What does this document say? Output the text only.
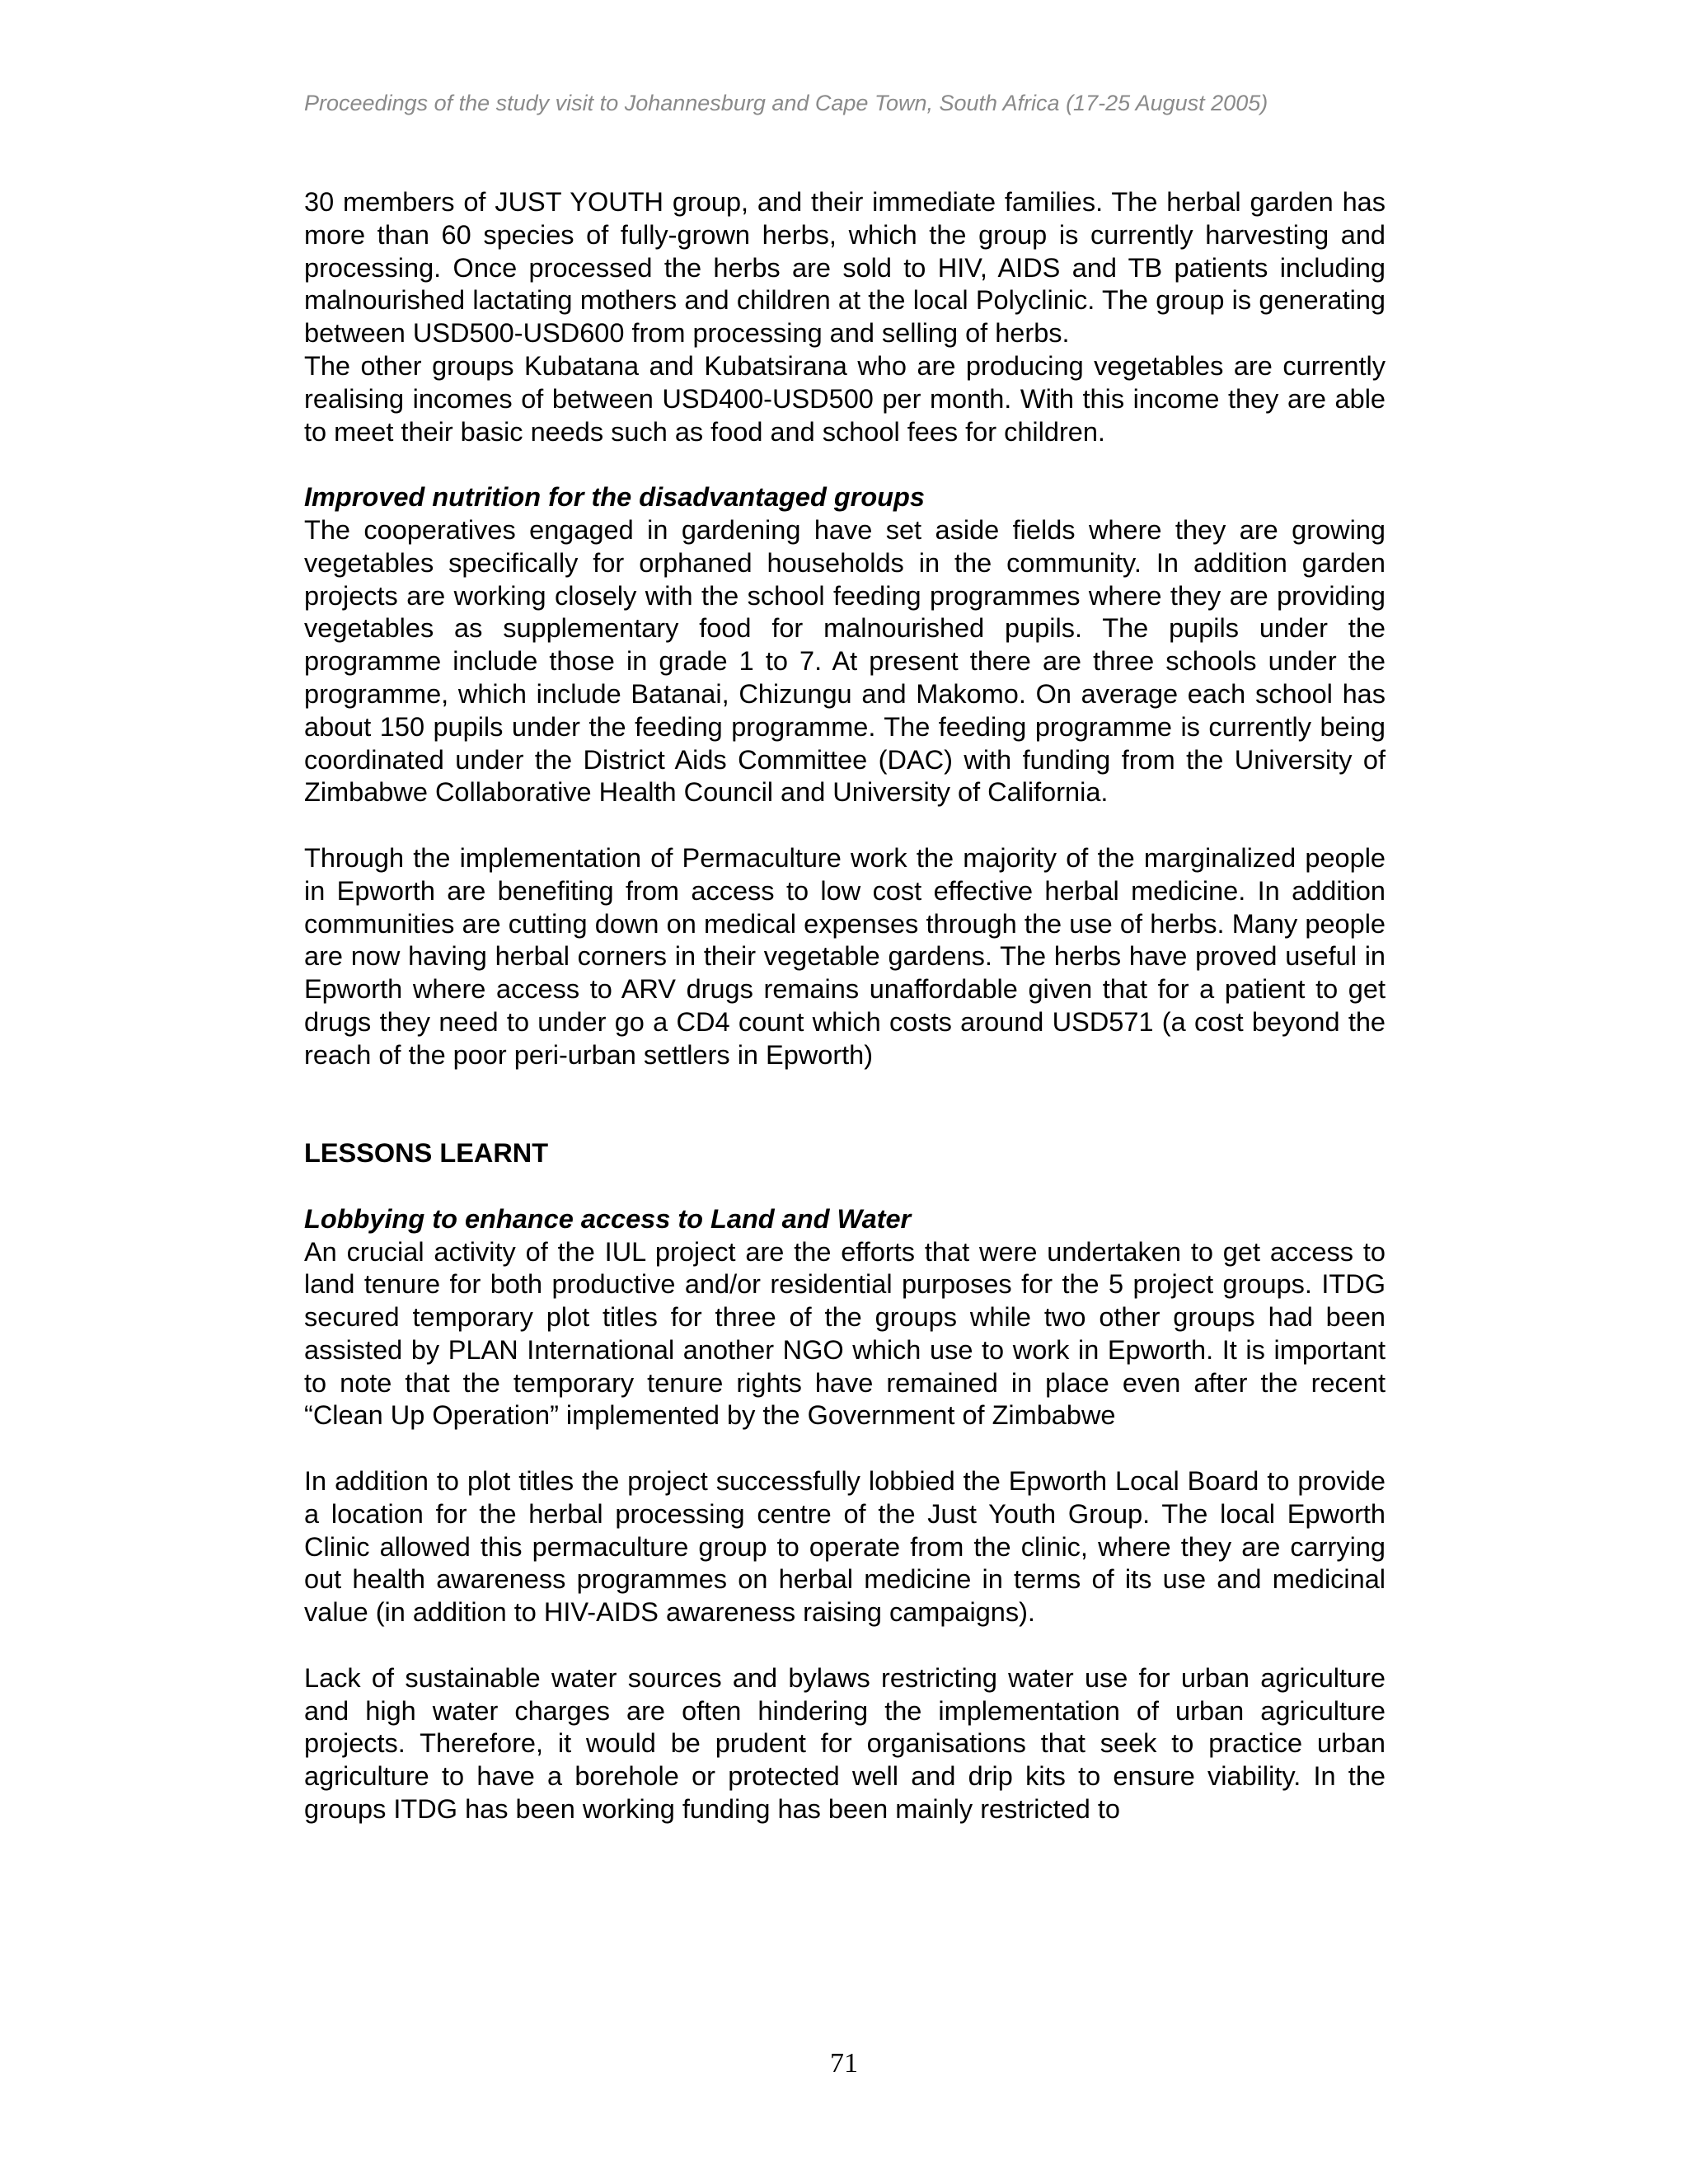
Proceedings of the study visit to Johannesburg and Cape Town, South Africa (17-25 August 2005)

30 members of JUST YOUTH group, and their immediate families. The herbal garden has more than 60 species of fully-grown herbs, which the group is currently harvesting and processing. Once processed the herbs are sold to HIV, AIDS and TB patients including malnourished lactating mothers and children at the local Polyclinic. The group is generating between USD500-USD600 from processing and selling of herbs.

The other groups Kubatana and Kubatsirana who are producing vegetables are currently realising incomes of between USD400-USD500 per month. With this income they are able to meet their basic needs such as food and school fees for children.

Improved nutrition for the disadvantaged groups

The cooperatives engaged in gardening have set aside fields where they are growing vegetables specifically for orphaned households in the community. In addition garden projects are working closely with the school feeding programmes where they are providing vegetables as supplementary food for malnourished pupils. The pupils under the programme include those in grade 1 to 7. At present there are three schools under the programme, which include Batanai, Chizungu and Makomo. On average each school has about 150 pupils under the feeding programme. The feeding programme is currently being coordinated under the District Aids Committee (DAC) with funding from the University of Zimbabwe Collaborative Health Council and University of California.

Through the implementation of Permaculture work the majority of the marginalized people in Epworth are benefiting from access to low cost effective herbal medicine. In addition communities are cutting down on medical expenses through the use of herbs. Many people are now having herbal corners in their vegetable gardens. The herbs have proved useful in Epworth where access to ARV drugs remains unaffordable given that for a patient to get drugs they need to under go a CD4 count which costs around USD571 (a cost beyond the reach of the poor peri-urban settlers in Epworth)

LESSONS LEARNT
Lobbying to enhance access to Land and Water

An crucial activity of the IUL project are the efforts that were undertaken to get access to land tenure for both productive and/or residential purposes for the 5 project groups. ITDG secured temporary plot titles for three of the groups while two other groups had been assisted by PLAN International another NGO which use to work in Epworth. It is important to note that the temporary tenure rights have remained in place even after the recent “Clean Up Operation” implemented by the Government of Zimbabwe

In addition to plot titles the project successfully lobbied the Epworth Local Board to provide a location for the herbal processing centre of the Just Youth Group. The local Epworth Clinic allowed this permaculture group to operate from the clinic, where they are carrying out health awareness programmes on herbal medicine in terms of its use and medicinal value (in addition to HIV-AIDS awareness raising campaigns).

Lack of sustainable water sources and bylaws restricting water use for urban agriculture and high water charges are often hindering the implementation of urban agriculture projects. Therefore, it would be prudent for organisations that seek to practice urban agriculture to have a borehole or protected well and drip kits to ensure viability. In the groups ITDG has been working funding has been mainly restricted to

71
